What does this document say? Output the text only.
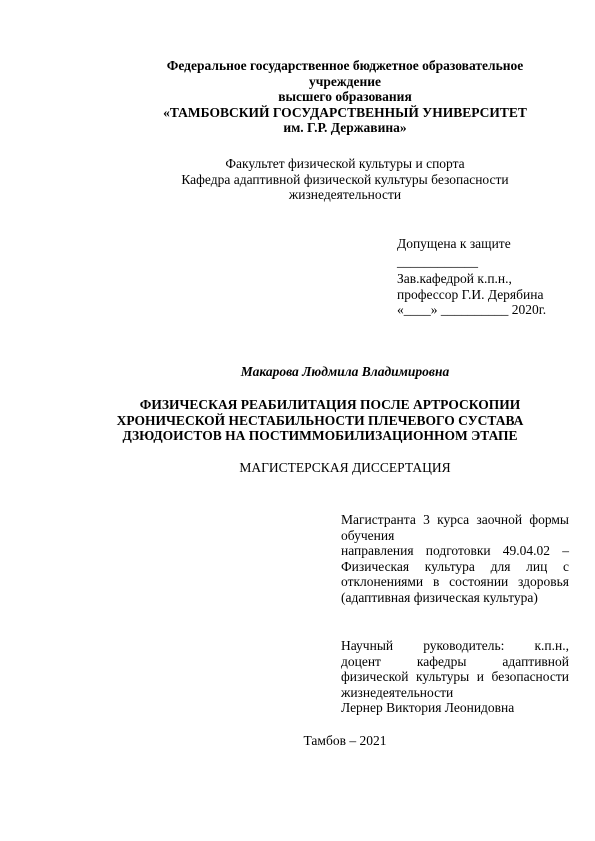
Федеральное государственное бюджетное образовательное
учреждение
высшего образования
«ТАМБОВСКИЙ ГОСУДАРСТВЕННЫЙ УНИВЕРСИТЕТ
им. Г.Р. Державина»
Факультет физической культуры и спорта
Кафедра адаптивной физической культуры безопасности
жизнедеятельности
Допущена к защите
____________
Зав.кафедрой к.п.н.,
профессор Г.И. Дерябина
«____» __________ 2020г.
Макарова Людмила Владимировна
ФИЗИЧЕСКАЯ РЕАБИЛИТАЦИЯ ПОСЛЕ АРТРОСКОПИИ
ХРОНИЧЕСКОЙ НЕСТАБИЛЬНОСТИ ПЛЕЧЕВОГО СУСТАВА
ДЗЮДОИСТОВ НА ПОСТИММОБИЛИЗАЦИОННОМ ЭТАПЕ
МАГИСТЕРСКАЯ ДИССЕРТАЦИЯ
Магистранта 3 курса заочной формы
обучения
направления подготовки 49.04.02 –
Физическая культура для лиц с
отклонениями в состоянии здоровья
(адаптивная физическая культура)
Научный руководитель: к.п.н.,
доцент кафедры адаптивной
физической культуры и безопасности
жизнедеятельности
Лернер Виктория Леонидовна
Тамбов – 2021
